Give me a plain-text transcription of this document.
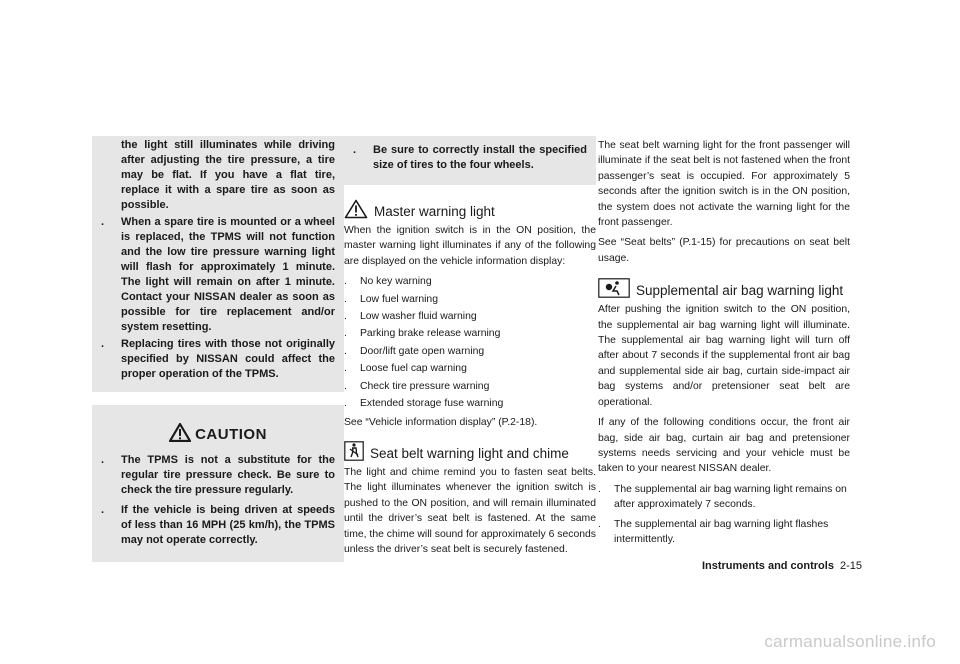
the light still illuminates while driving after adjusting the tire pressure, a tire may be flat. If you have a flat tire, replace it with a spare tire as soon as possible.
. When a spare tire is mounted or a wheel is replaced, the TPMS will not function and the low tire pressure warning light will flash for approximately 1 minute. The light will remain on after 1 minute. Contact your NISSAN dealer as soon as possible for tire replacement and/or system resetting.
. Replacing tires with those not originally specified by NISSAN could affect the proper operation of the TPMS.
CAUTION
. The TPMS is not a substitute for the regular tire pressure check. Be sure to check the tire pressure regularly.
. If the vehicle is being driven at speeds of less than 16 MPH (25 km/h), the TPMS may not operate correctly.
. Be sure to correctly install the specified size of tires to the four wheels.
Master warning light

When the ignition switch is in the ON position, the master warning light illuminates if any of the following are displayed on the vehicle information display:

. No key warning
. Low fuel warning
. Low washer fluid warning
. Parking brake release warning
. Door/lift gate open warning
. Loose fuel cap warning
. Check tire pressure warning
. Extended storage fuse warning

See “Vehicle information display” (P.2-18).

Seat belt warning light and chime

The light and chime remind you to fasten seat belts. The light illuminates whenever the ignition switch is pushed to the ON position, and will remain illuminated until the driver’s seat belt is fastened. At the same time, the chime will sound for approximately 6 seconds unless the driver’s seat belt is securely fastened.

The seat belt warning light for the front passenger will illuminate if the seat belt is not fastened when the front passenger’s seat is occupied. For approximately 5 seconds after the ignition switch is in the ON position, the system does not activate the warning light for the front passenger.

See “Seat belts” (P.1-15) for precautions on seat belt usage.

Supplemental air bag warning light

After pushing the ignition switch to the ON position, the supplemental air bag warning light will illuminate. The supplemental air bag warning light will turn off after about 7 seconds if the supplemental front air bag and supplemental side air bag, curtain side-impact air bag systems and/or pretensioner seat belt are operational.

If any of the following conditions occur, the front air bag, side air bag, curtain air bag and pretensioner systems needs servicing and your vehicle must be taken to your nearest NISSAN dealer.

. The supplemental air bag warning light remains on after approximately 7 seconds.
. The supplemental air bag warning light flashes intermittently.
Instruments and controls 2-15
carmanualsonline.info
